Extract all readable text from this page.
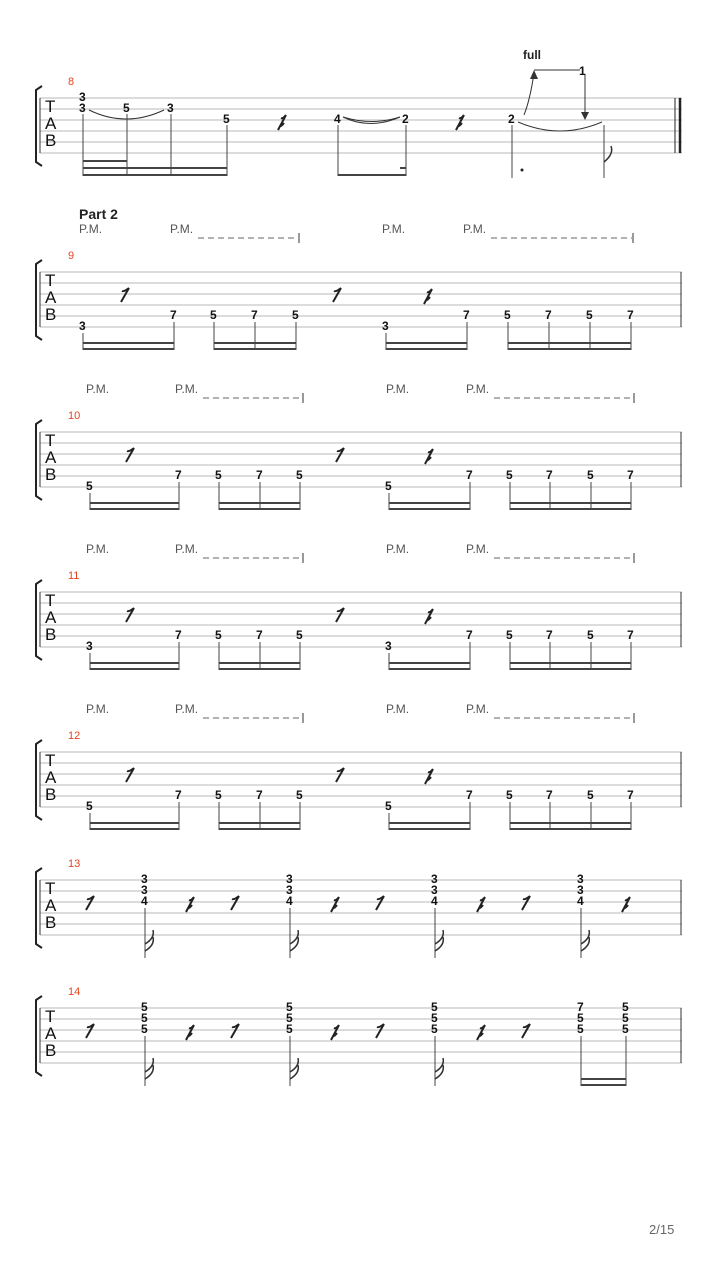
T
A
B
8
3
3	5	3
5	4	2	2
full
1
Part 2
P.M.	P.M.	P.M.	P.M.
T
A
B
9
3
7	5	7	5
3
7	5	7	5	7
P.M.	P.M.	P.M.	P.M.
T
A
B
10
5
7	5	7	5
5
7	5	7	5	7
P.M.	P.M.	P.M.	P.M.
T
A
B
11
3
7	5	7	5
3
7	5	7	5	7
P.M.	P.M.	P.M.	P.M.
T
A
B
12
5
7	5	7	5
5
7	5	7	5	7
T
A
B
13
3
3
4
3
3
4
3
3
4
3
3
4
T
A
B
14
5
5
5
5
5
5
5
5
5
7
5
5
5
5
5
2/15
